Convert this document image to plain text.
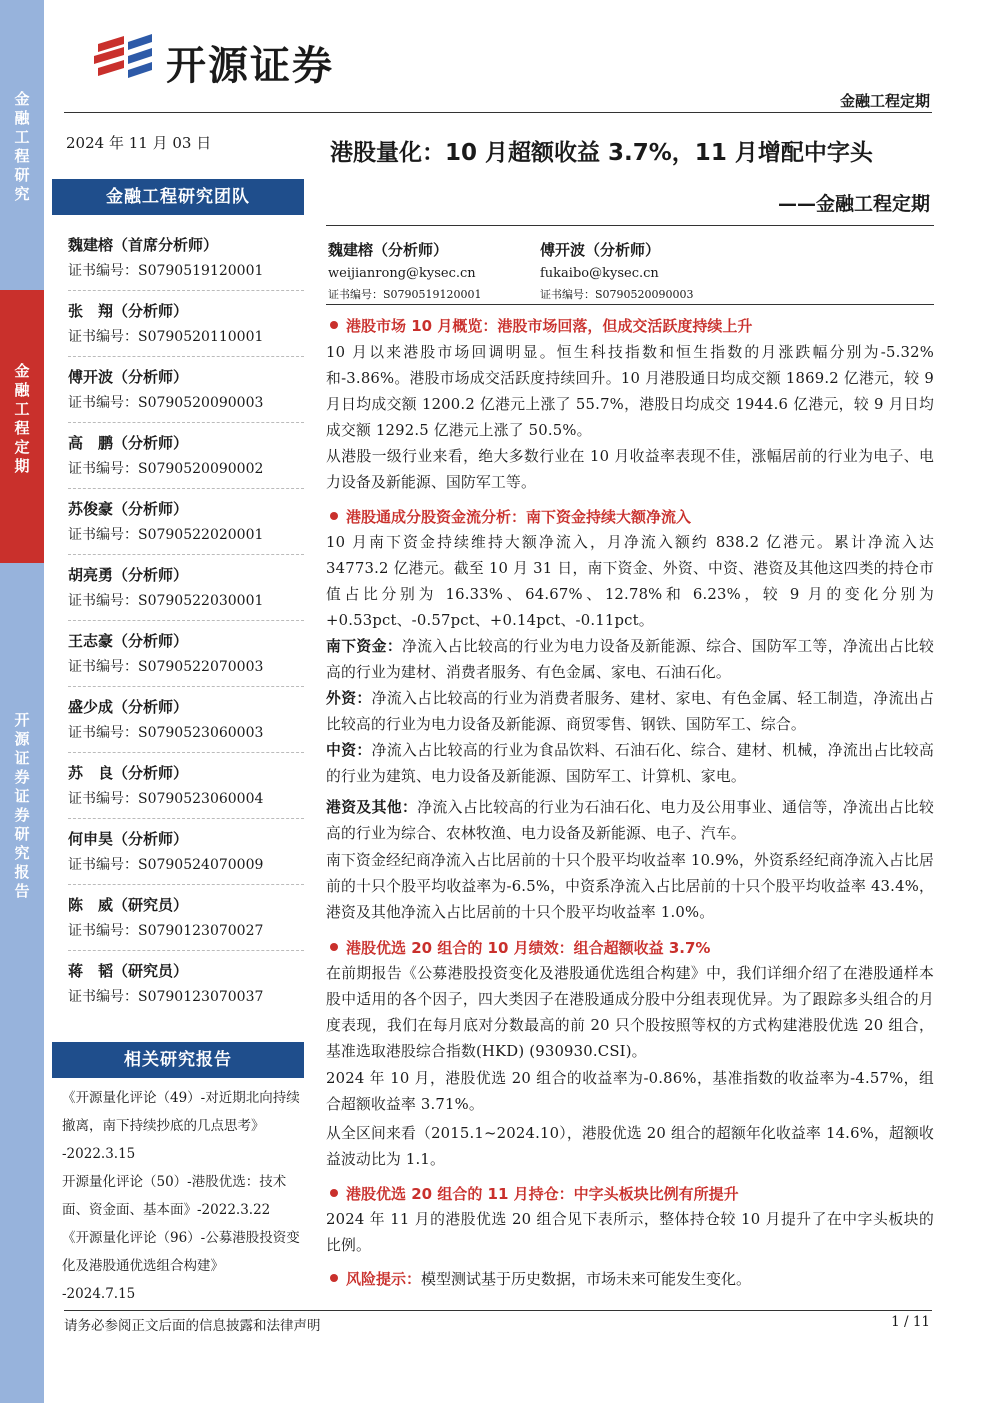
金融工程研究
金融工程定期
开源证券 证券研究报告
开源证券
金融工程定期
2024 年 11 月 03 日
金融工程研究团队
魏建榕（首席分析师）
证书编号：S0790519120001
张　翔（分析师）
证书编号：S0790520110001
傅开波（分析师）
证书编号：S0790520090003
高　鹏（分析师）
证书编号：S0790520090002
苏俊豪（分析师）
证书编号：S0790522020001
胡亮勇（分析师）
证书编号：S0790522030001
王志豪（分析师）
证书编号：S0790522070003
盛少成（分析师）
证书编号：S0790523060003
苏　良（分析师）
证书编号：S0790523060004
何申昊（分析师）
证书编号：S0790524070009
陈　威（研究员）
证书编号：S0790123070027
蒋　韬（研究员）
证书编号：S0790123070037
相关研究报告
《开源量化评论（49）-对近期北向持续撤离，南下持续抄底的几点思考》
-2022.3.15
开源量化评论（50）-港股优选：技术面、资金面、基本面》-2022.3.22
《开源量化评论（96）-公募港股投资变化及港股通优选组合构建》
-2024.7.15
港股量化：10 月超额收益 3.7%，11 月增配中字头
——金融工程定期
魏建榕（分析师）
weijianrong@kysec.cn
证书编号：S0790519120001
傅开波（分析师）
fukaibo@kysec.cn
证书编号：S0790520090003
港股市场 10 月概览：港股市场回落，但成交活跃度持续上升
10 月以来港股市场回调明显。恒生科技指数和恒生指数的月涨跌幅分别为-5.32%和-3.86%。港股市场成交活跃度持续回升。10 月港股通日均成交额 1869.2 亿港元，较 9 月日均成交额 1200.2 亿港元上涨了 55.7%，港股日均成交 1944.6 亿港元，较 9 月日均成交额 1292.5 亿港元上涨了 50.5%。
从港股一级行业来看，绝大多数行业在 10 月收益率表现不佳，涨幅居前的行业为电子、电力设备及新能源、国防军工等。
港股通成分股资金流分析：南下资金持续大额净流入
10 月南下资金持续维持大额净流入，月净流入额约 838.2 亿港元。累计净流入达 34773.2 亿港元。截至 10 月 31 日，南下资金、外资、中资、港资及其他这四类的持仓市值占比分别为 16.33%、64.67%、12.78%和 6.23%，较 9 月的变化分别为+0.53pct、-0.57pct、+0.14pct、-0.11pct。
南下资金：净流入占比较高的行业为电力设备及新能源、综合、国防军工等，净流出占比较高的行业为建材、消费者服务、有色金属、家电、石油石化。
外资：净流入占比较高的行业为消费者服务、建材、家电、有色金属、轻工制造，净流出占比较高的行业为电力设备及新能源、商贸零售、钢铁、国防军工、综合。
中资：净流入占比较高的行业为食品饮料、石油石化、综合、建材、机械，净流出占比较高的行业为建筑、电力设备及新能源、国防军工、计算机、家电。
港资及其他：净流入占比较高的行业为石油石化、电力及公用事业、通信等，净流出占比较高的行业为综合、农林牧渔、电力设备及新能源、电子、汽车。
南下资金经纪商净流入占比居前的十只个股平均收益率 10.9%，外资系经纪商净流入占比居前的十只个股平均收益率为-6.5%，中资系净流入占比居前的十只个股平均收益率 43.4%，港资及其他净流入占比居前的十只个股平均收益率 1.0%。
港股优选 20 组合的 10 月绩效：组合超额收益 3.7%
在前期报告《公募港股投资变化及港股通优选组合构建》中，我们详细介绍了在港股通样本股中适用的各个因子，四大类因子在港股通成分股中分组表现优异。为了跟踪多头组合的月度表现，我们在每月底对分数最高的前 20 只个股按照等权的方式构建港股优选 20 组合，基准选取港股综合指数(HKD) (930930.CSI)。
2024 年 10 月，港股优选 20 组合的收益率为-0.86%，基准指数的收益率为-4.57%，组合超额收益率 3.71%。
从全区间来看（2015.1~2024.10），港股优选 20 组合的超额年化收益率 14.6%，超额收益波动比为 1.1。
港股优选 20 组合的 11 月持仓：中字头板块比例有所提升
2024 年 11 月的港股优选 20 组合见下表所示，整体持仓较 10 月提升了在中字头板块的比例。
风险提示：模型测试基于历史数据，市场未来可能发生变化。
请务必参阅正文后面的信息披露和法律声明	1 / 11
